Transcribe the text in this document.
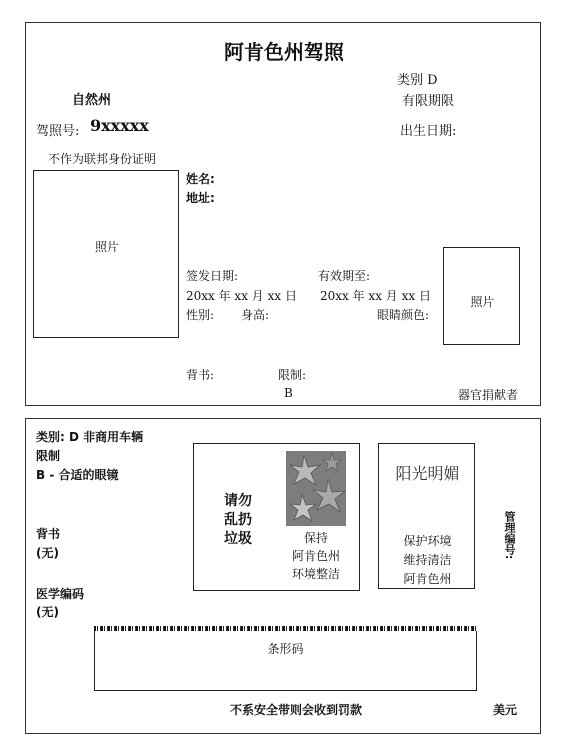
阿肯色州驾照
自然州
类别 D
有限期限
驾照号: 9xxxxx	出生日期:
不作为联邦身份证明
照片
姓名:
地址:
签发日期:	有效期至:
20xx 年 xx 月 xx 日 20xx 年 xx 月 xx 日
性别: 身高:	眼睛颜色:
照片
背书:	限制:
B	器官捐献者
类别: D 非商用车辆
限制
B - 合适的眼镜
背书
(无)
医学编码
(无)
请勿
乱扔
垃圾	保持
阿肯色州
环境整洁
阳光明媚
保护环境
维持清洁
阿肯色州
管理编号:
条形码
不系安全带则会收到罚款	美元
